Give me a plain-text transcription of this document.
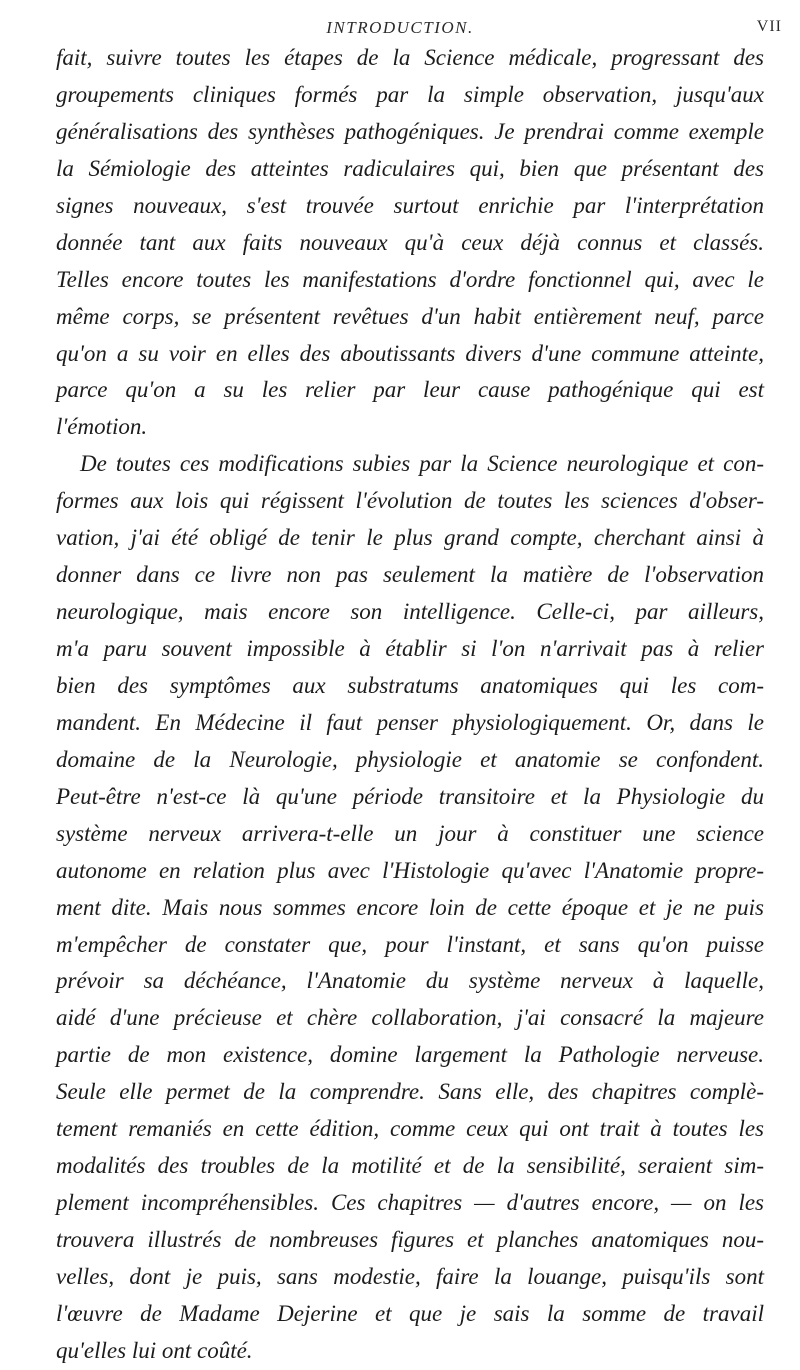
INTRODUCTION.	VII
fait, suivre toutes les étapes de la Science médicale, progressant des
groupements cliniques formés par la simple observation, jusqu'aux
généralisations des synthèses pathogéniques. Je prendrai comme exemple
la Sémiologie des atteintes radiculaires qui, bien que présentant des
signes nouveaux, s'est trouvée surtout enrichie par l'interprétation
donnée tant aux faits nouveaux qu'à ceux déjà connus et classés.
Telles encore toutes les manifestations d'ordre fonctionnel qui, avec le
même corps, se présentent revêtues d'un habit entièrement neuf, parce
qu'on a su voir en elles des aboutissants divers d'une commune atteinte,
parce qu'on a su les relier par leur cause pathogénique qui est
l'émotion.
De toutes ces modifications subies par la Science neurologique et con-
formes aux lois qui régissent l'évolution de toutes les sciences d'obser-
vation, j'ai été obligé de tenir le plus grand compte, cherchant ainsi à
donner dans ce livre non pas seulement la matière de l'observation
neurologique, mais encore son intelligence. Celle-ci, par ailleurs,
m'a paru souvent impossible à établir si l'on n'arrivait pas à relier
bien des symptômes aux substratums anatomiques qui les com-
mandent. En Médecine il faut penser physiologiquement. Or, dans le
domaine de la Neurologie, physiologie et anatomie se confondent.
Peut-être n'est-ce là qu'une période transitoire et la Physiologie du
système nerveux arrivera-t-elle un jour à constituer une science
autonome en relation plus avec l'Histologie qu'avec l'Anatomie propre-
ment dite. Mais nous sommes encore loin de cette époque et je ne puis
m'empêcher de constater que, pour l'instant, et sans qu'on puisse
prévoir sa déchéance, l'Anatomie du système nerveux à laquelle,
aidé d'une précieuse et chère collaboration, j'ai consacré la majeure
partie de mon existence, domine largement la Pathologie nerveuse.
Seule elle permet de la comprendre. Sans elle, des chapitres complè-
tement remaniés en cette édition, comme ceux qui ont trait à toutes les
modalités des troubles de la motilité et de la sensibilité, seraient sim-
plement incompréhensibles. Ces chapitres — d'autres encore, — on les
trouvera illustrés de nombreuses figures et planches anatomiques nou-
velles, dont je puis, sans modestie, faire la louange, puisqu'ils sont
l'œuvre de Madame Dejerine et que je sais la somme de travail
qu'elles lui ont coûté.
